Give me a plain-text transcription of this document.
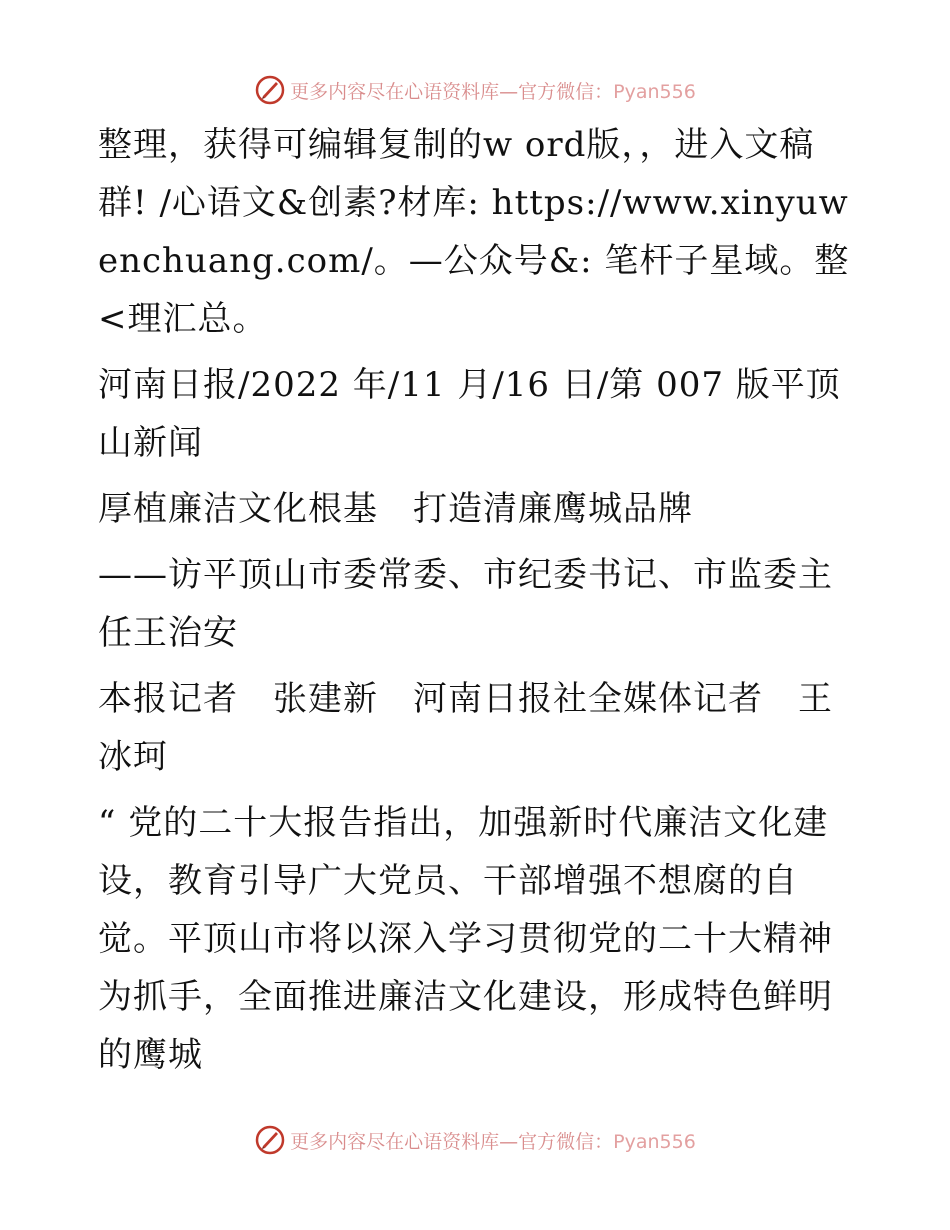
更多内容尽在心语资料库—官方微信：Pyan556

整理，获得可编辑复制的w ord版，，进入文稿群! /心语文&创素?材库: https://www.xinyuwenchuang.com/。—公众号&: 笔杆子星域。整<理汇总。

河南日报/2022 年/11 月/16 日/第 007 版平顶山新闻

厚植廉洁文化根基　打造清廉鹰城品牌

——访平顶山市委常委、市纪委书记、市监委主任王治安

本报记者　张建新　河南日报社全媒体记者　王冰珂

“ 党的二十大报告指出，加强新时代廉洁文化建设，教育引导广大党员、干部增强不想腐的自觉。平顶山市将以深入学习贯彻党的二十大精神为抓手，全面推进廉洁文化建设，形成特色鲜明的鹰城

更多内容尽在心语资料库—官方微信：Pyan556
